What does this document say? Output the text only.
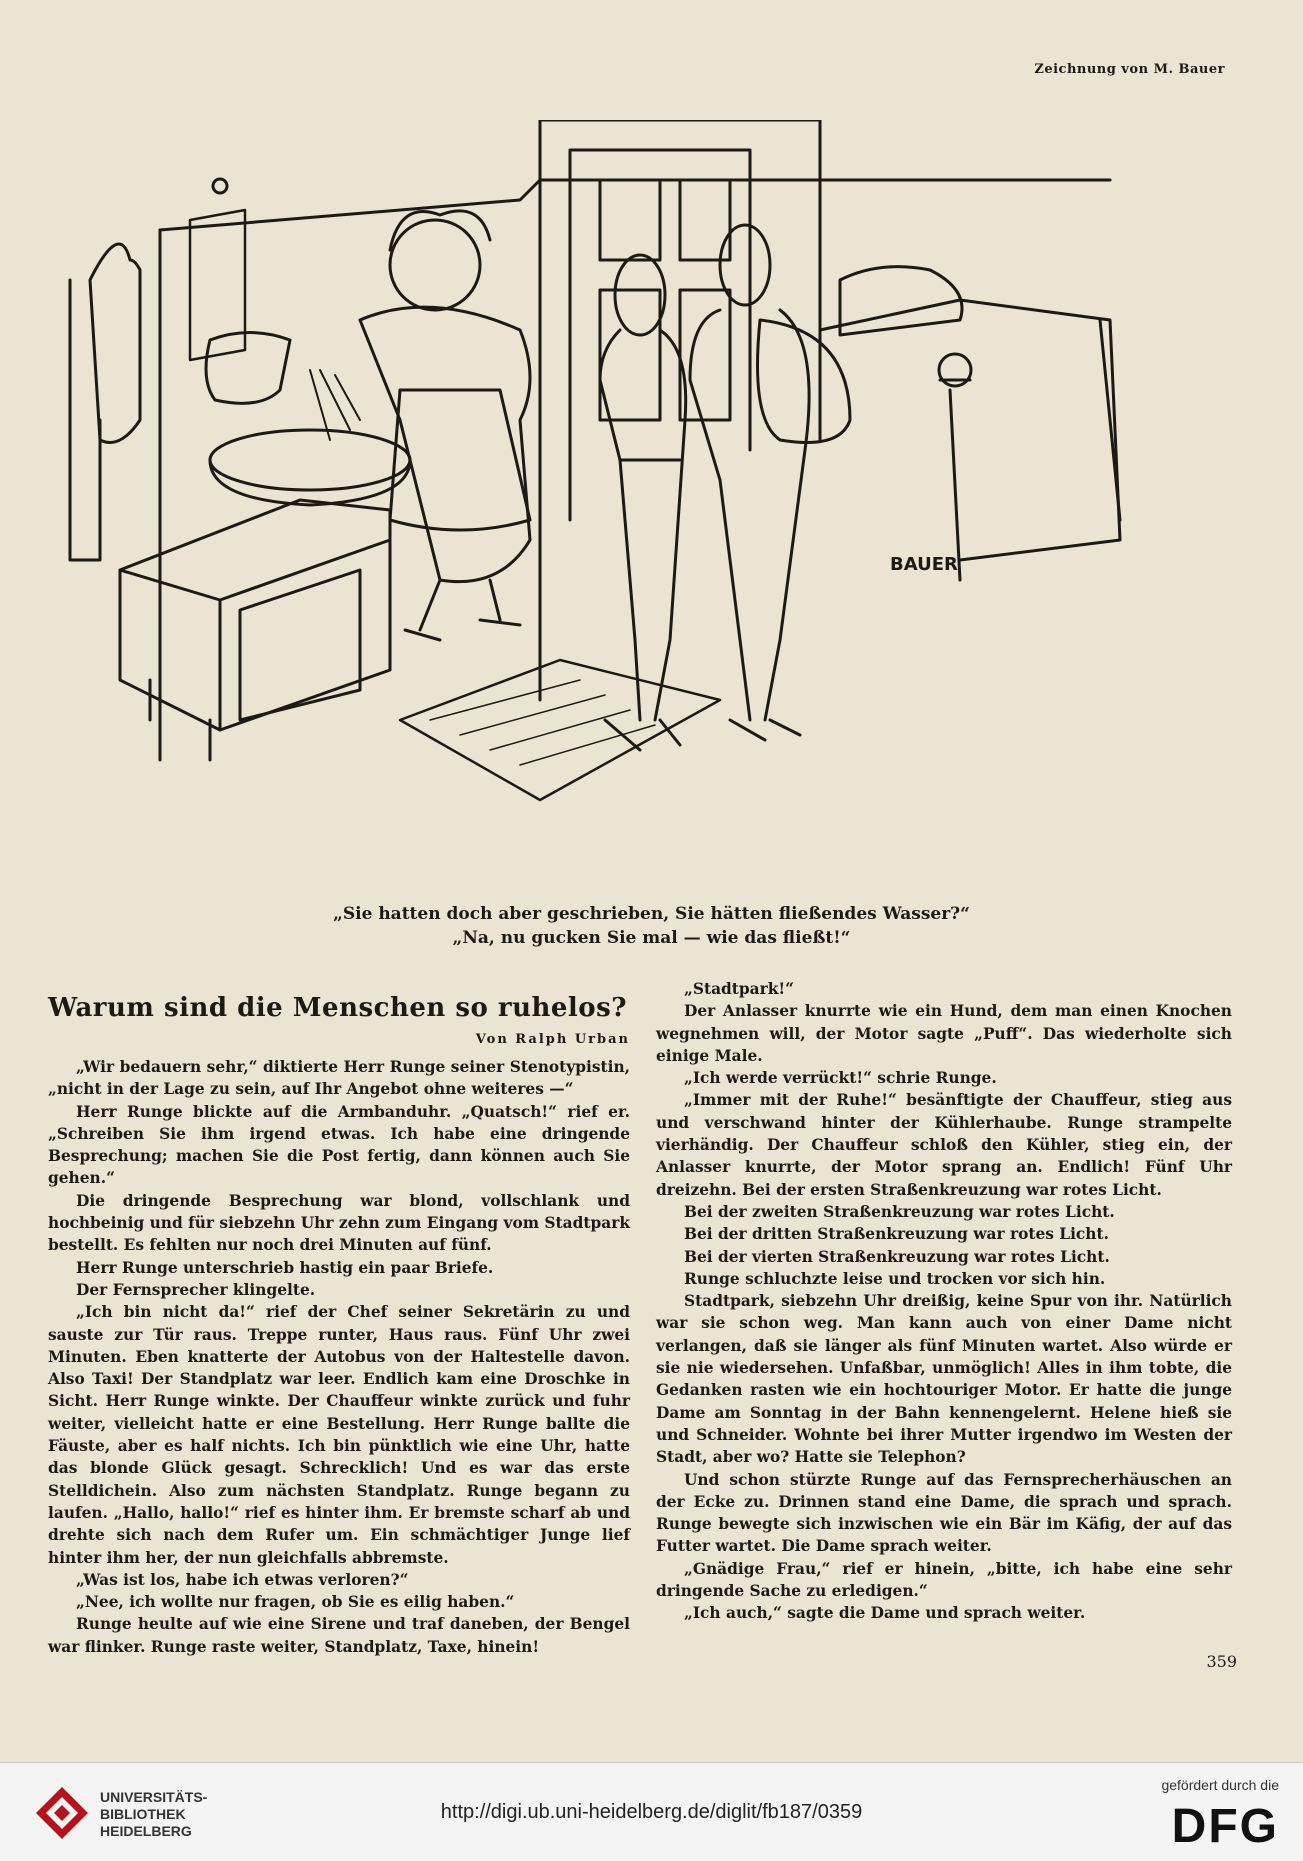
Zeichnung von M. Bauer
BAUER
„Sie hatten doch aber geschrieben, Sie hätten fließendes Wasser?“
„Na, nu gucken Sie mal — wie das fließt!“
Warum sind die Menschen so ruhelos?
Von Ralph Urban

„Wir bedauern sehr,“ diktierte Herr Runge seiner Stenotypistin, „nicht in der Lage zu sein, auf Ihr Angebot ohne weiteres —“

Herr Runge blickte auf die Armbanduhr. „Quatsch!“ rief er. „Schreiben Sie ihm irgend etwas. Ich habe eine dringende Besprechung; machen Sie die Post fertig, dann können auch Sie gehen.“

Die dringende Besprechung war blond, vollschlank und hochbeinig und für siebzehn Uhr zehn zum Eingang vom Stadtpark bestellt. Es fehlten nur noch drei Minuten auf fünf.

Herr Runge unterschrieb hastig ein paar Briefe.

Der Fernsprecher klingelte.

„Ich bin nicht da!“ rief der Chef seiner Sekretärin zu und sauste zur Tür raus. Treppe runter, Haus raus. Fünf Uhr zwei Minuten. Eben knatterte der Autobus von der Haltestelle davon. Also Taxi! Der Standplatz war leer. Endlich kam eine Droschke in Sicht. Herr Runge winkte. Der Chauffeur winkte zurück und fuhr weiter, vielleicht hatte er eine Bestellung. Herr Runge ballte die Fäuste, aber es half nichts. Ich bin pünktlich wie eine Uhr, hatte das blonde Glück gesagt. Schrecklich! Und es war das erste Stelldichein. Also zum nächsten Standplatz. Runge begann zu laufen. „Hallo, hallo!“ rief es hinter ihm. Er bremste scharf ab und drehte sich nach dem Rufer um. Ein schmächtiger Junge lief hinter ihm her, der nun gleichfalls abbremste.

„Was ist los, habe ich etwas verloren?“

„Nee, ich wollte nur fragen, ob Sie es eilig haben.“

Runge heulte auf wie eine Sirene und traf daneben, der Bengel war flinker. Runge raste weiter, Standplatz, Taxe, hinein!

„Stadtpark!“

Der Anlasser knurrte wie ein Hund, dem man einen Knochen wegnehmen will, der Motor sagte „Puff“. Das wiederholte sich einige Male.

„Ich werde verrückt!“ schrie Runge.

„Immer mit der Ruhe!“ besänftigte der Chauffeur, stieg aus und verschwand hinter der Kühlerhaube. Runge strampelte vierhändig. Der Chauffeur schloß den Kühler, stieg ein, der Anlasser knurrte, der Motor sprang an. Endlich! Fünf Uhr dreizehn. Bei der ersten Straßenkreuzung war rotes Licht.

Bei der zweiten Straßenkreuzung war rotes Licht.

Bei der dritten Straßenkreuzung war rotes Licht.

Bei der vierten Straßenkreuzung war rotes Licht.

Runge schluchzte leise und trocken vor sich hin.

Stadtpark, siebzehn Uhr dreißig, keine Spur von ihr. Natürlich war sie schon weg. Man kann auch von einer Dame nicht verlangen, daß sie länger als fünf Minuten wartet. Also würde er sie nie wiedersehen. Unfaßbar, unmöglich! Alles in ihm tobte, die Gedanken rasten wie ein hochtouriger Motor. Er hatte die junge Dame am Sonntag in der Bahn kennengelernt. Helene hieß sie und Schneider. Wohnte bei ihrer Mutter irgendwo im Westen der Stadt, aber wo? Hatte sie Telephon?

Und schon stürzte Runge auf das Fernsprecherhäuschen an der Ecke zu. Drinnen stand eine Dame, die sprach und sprach. Runge bewegte sich inzwischen wie ein Bär im Käfig, der auf das Futter wartet. Die Dame sprach weiter.

„Gnädige Frau,“ rief er hinein, „bitte, ich habe eine sehr dringende Sache zu erledigen.“

„Ich auch,“ sagte die Dame und sprach weiter.

359
UNIVERSITÄTS-
BIBLIOTHEK
HEIDELBERG
http://digi.ub.uni-heidelberg.de/diglit/fb187/0359
gefördert durch die
DFG
